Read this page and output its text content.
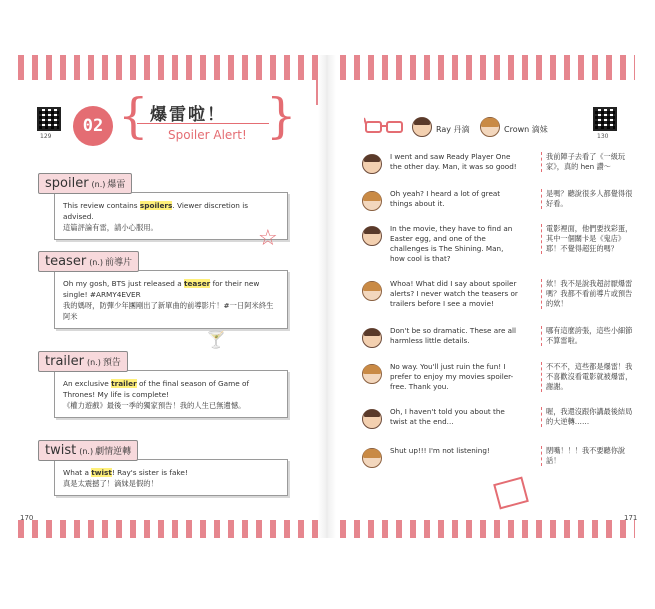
129
02 { }
爆雷啦！
Spoiler Alert!
spoiler (n.) 爆雷
This review contains spoilers. Viewer discretion is advised.
這篇評論有雷，請小心服用。
teaser (n.) 前導片
Oh my gosh, BTS just released a teaser for their new single! #ARMY4EVER
我的媽呀，防彈少年團剛出了新單曲的前導影片！#一日阿米終生阿米
trailer (n.) 預告
An exclusive trailer of the final season of Game of Thrones! My life is complete!
《權力遊戲》最後一季的獨家預告！我的人生已無遺憾。
twist (n.) 劇情逆轉
What a twist! Ray's sister is fake!
真是太震撼了！滴妹是假的！
☆
🍸
Ray 丹滴	Crown 滴妹
130
I went and saw Ready Player One the other day. Man, it was so good!
我前陣子去看了《一級玩家》，真的 hen 讚～
Oh yeah? I heard a lot of great things about it.
是嗎？聽說很多人都覺得很好看。
In the movie, they have to find an Easter egg, and one of the challenges is The Shining. Man, how cool is that?
電影裡面，他們要找彩蛋，其中一個關卡是《鬼店》耶！不覺得超狂的嗎？
Whoa! What did I say about spoiler alerts? I never watch the teasers or trailers before I see a movie!
欸！我不是說我超討厭爆雷嗎？我都不看前導片或預告的欸！
Don't be so dramatic. These are all harmless little details.
哪有這麼誇張，這些小細節不算雷啦。
No way. You'll just ruin the fun! I prefer to enjoy my movies spoiler-free. Thank you.
不不不，這些都是爆雷！我不喜歡沒看電影就被爆雷，謝謝。
Oh, I haven't told you about the twist at the end...
喔，我還沒跟你講最後結局的大逆轉……
Shut up!!! I'm not listening!	閉嘴！！！我不要聽你說話！
170	171
